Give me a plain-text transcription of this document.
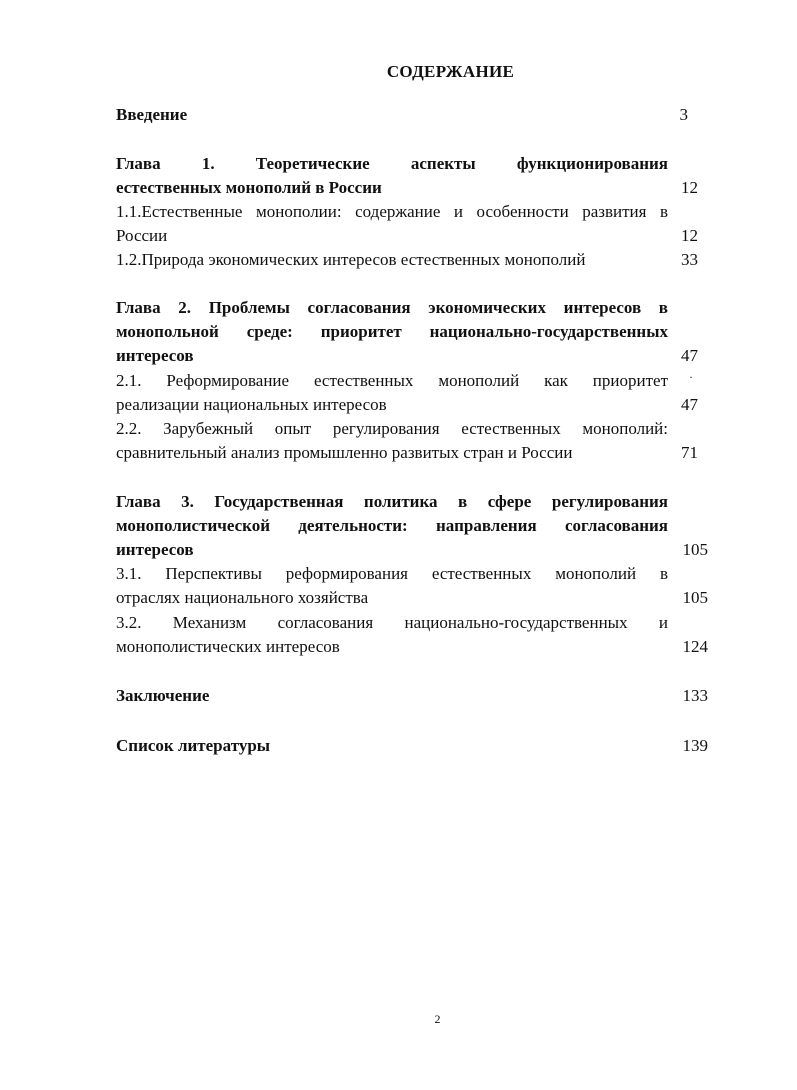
СОДЕРЖАНИЕ
Введение	3
Глава 1. Теоретические аспекты функционирования
естественных монополий в России	12
1.1.Естественные монополии: содержание и особенности развития в
России	12
1.2.Природа экономических интересов естественных монополий	33
Глава 2. Проблемы согласования экономических интересов в
монопольной среде: приоритет национально-государственных
интересов	47
2.1. Реформирование естественных монополий как приоритет
реализации национальных интересов	47
2.2. Зарубежный опыт регулирования естественных монополий:
сравнительный анализ промышленно развитых стран и России	71
Глава 3. Государственная политика в сфере регулирования
монополистической деятельности: направления согласования
интересов	105
3.1. Перспективы реформирования естественных монополий в
отраслях национального хозяйства	105
3.2. Механизм согласования национально-государственных и
монополистических интересов	124
Заключение	133
Список литературы	139
·
2
